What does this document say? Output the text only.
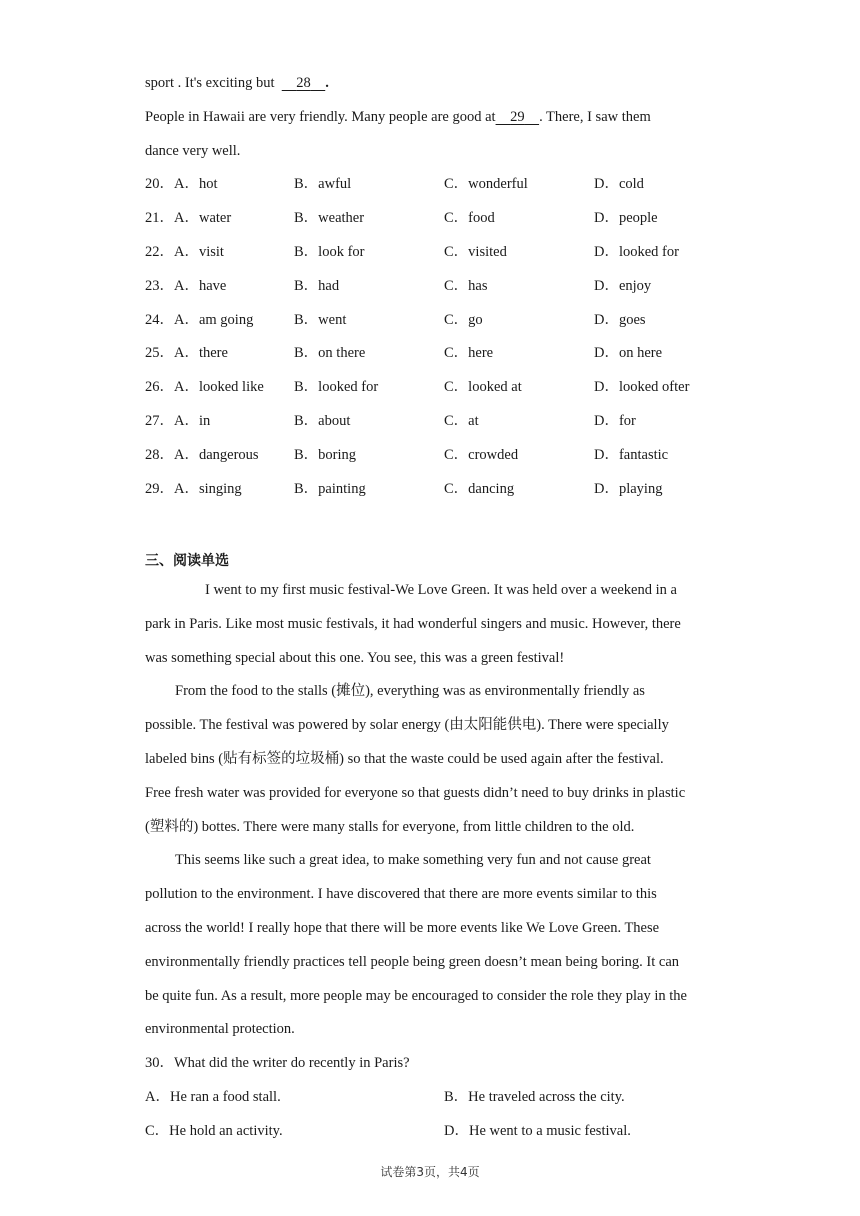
sport . It's exciting but 28 .
People in Hawaii are very friendly. Many people are good at 29 . There, I saw them
dance very well.
20．A．hot	B．awful	C．wonderful	D．cold
21．A．water	B．weather	C．food	D．people
22．A．visit	B．look for	C．visited	D．looked for
23．A．have	B．had	C．has	D．enjoy
24．A．am going	B．went	C．go	D．goes
25．A．there	B．on there	C．here	D．on here
26．A．looked like B．looked for	C．looked at	D．looked ofter
27．A．in	B．about	C．at	D．for
28．A．dangerous B．boring	C．crowded	D．fantastic
29．A．singing	B．painting	C．dancing	D．playing
三、阅读单选
I went to my first music festival-We Love Green. It was held over a weekend in a
park in Paris. Like most music festivals, it had wonderful singers and music. However, there
was something special about this one. You see, this was a green festival!
From the food to the stalls (摊位), everything was as environmentally friendly as
possible. The festival was powered by solar energy (由太阳能供电). There were specially
labeled bins (贴有标签的垃圾桶) so that the waste could be used again after the festival.
Free fresh water was provided for everyone so that guests didn’t need to buy drinks in plastic
(塑料的) bottes. There were many stalls for everyone, from little children to the old.
This seems like such a great idea, to make something very fun and not cause great
pollution to the environment. I have discovered that there are more events similar to this
across the world! I really hope that there will be more events like We Love Green. These
environmentally friendly practices tell people being green doesn’t mean being boring. It can
be quite fun. As a result, more people may be encouraged to consider the role they play in the
environmental protection.
30．What did the writer do recently in Paris?
A．He ran a food stall.	B．He traveled across the city.
C．He hold an activity.	D．He went to a music festival.
试卷第3页，共4页
